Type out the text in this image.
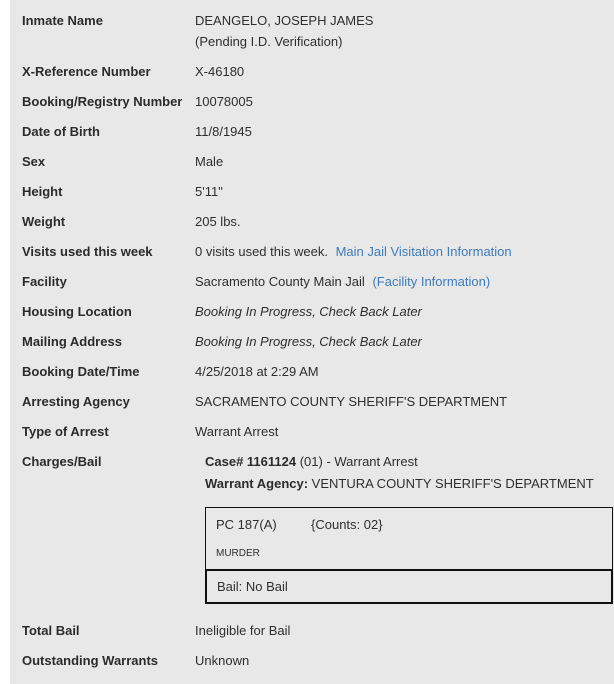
Inmate Name	DEANGELO, JOSEPH JAMES
(Pending I.D. Verification)
X-Reference Number	X-46180
Booking/Registry Number 10078005
Date of Birth	11/8/1945
Sex	Male
Height	5'11"
Weight	205 lbs.
Visits used this week	0 visits used this week. Main Jail Visitation Information
Facility	Sacramento County Main Jail (Facility Information)
Housing Location	Booking In Progress, Check Back Later
Mailing Address	Booking In Progress, Check Back Later
Booking Date/Time	4/25/2018 at 2:29 AM
Arresting Agency	SACRAMENTO COUNTY SHERIFF'S DEPARTMENT
Type of Arrest	Warrant Arrest
Charges/Bail	Case# 1161124 (01) - Warrant Arrest
Warrant Agency: VENTURA COUNTY SHERIFF'S DEPARTMENT
PC 187(A)	{Counts: 02}
MURDER
Bail: No Bail
Total Bail	Ineligible for Bail
Outstanding Warrants	Unknown
